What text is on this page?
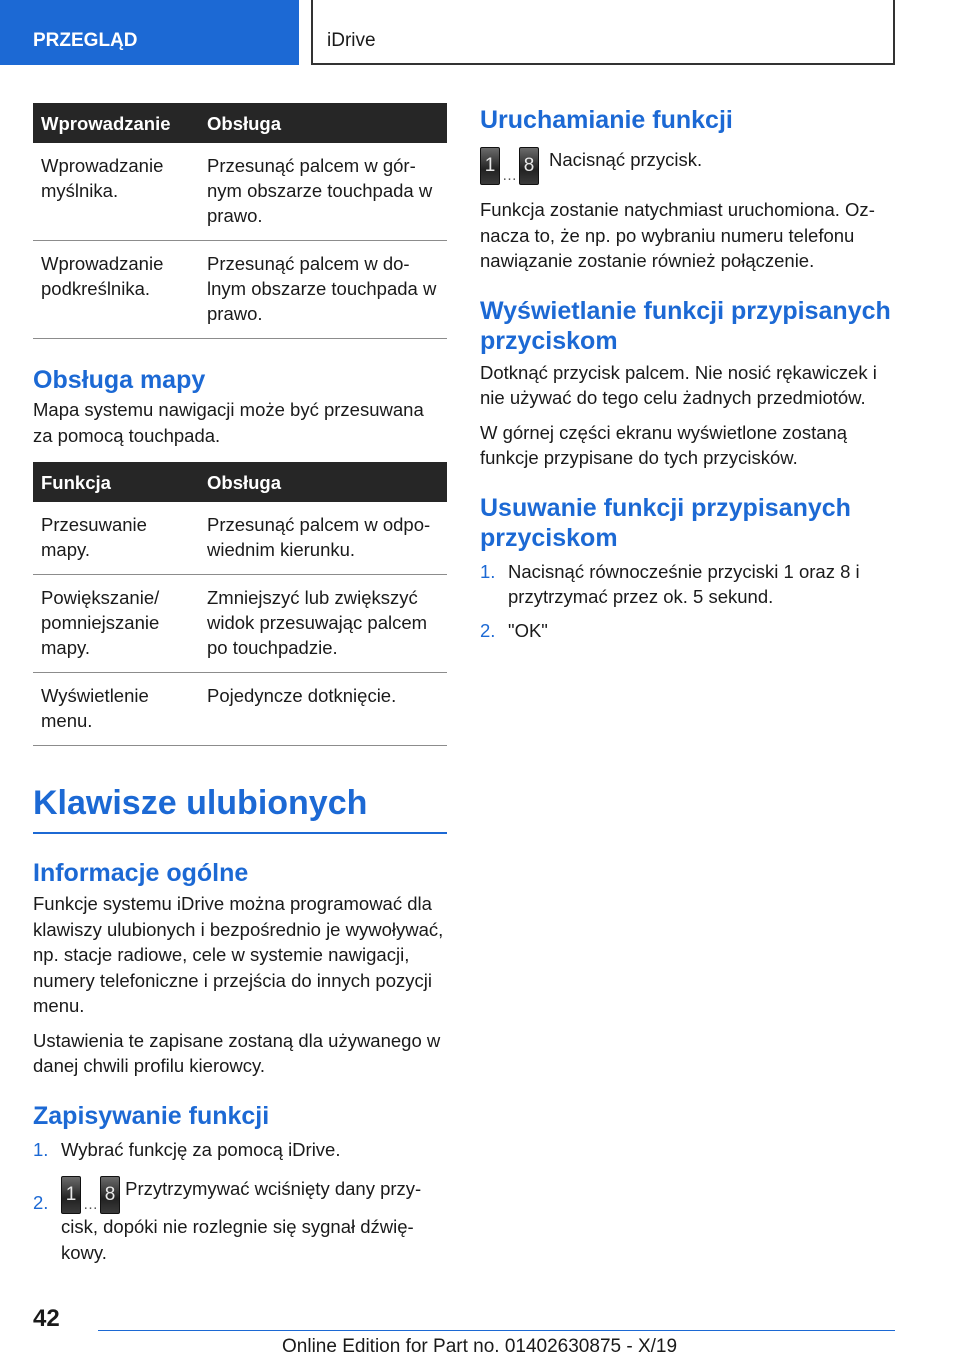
PRZEGLĄD	iDrive
Wprowadzanie	Obsługa
Wprowadzanie myślnika.	Przesunąć palcem w górnym obszarze touchpada w prawo.
Wprowadzanie podkreślnika.	Przesunąć palcem w dolnym obszarze touchpada w prawo.
Obsługa mapy

Mapa systemu nawigacji może być przesuwana za pomocą touchpada.

Funkcja	Obsługa
Przesuwanie mapy.	Przesunąć palcem w odpowiednim kierunku.
Powiększanie/ pomniejszanie mapy.	Zmniejszyć lub zwiększyć widok przesuwając palcem po touchpadzie.
Wyświetlenie menu.	Pojedyncze dotknięcie.
Klawisze ulubionych
Informacje ogólne

Funkcje systemu iDrive można programować dla klawiszy ulubionych i bezpośrednio je wywoływać, np. stacje radiowe, cele w systemie nawigacji, numery telefoniczne i przejścia do innych pozycji menu.

Ustawienia te zapisane zostaną dla używanego w danej chwili profilu kierowcy.

Zapisywanie funkcji
1. Wybrać funkcję za pomocą iDrive.
2. 1 … 8 Przytrzymywać wciśnięty dany przycisk, dopóki nie rozlegnie się sygnał dźwiękowy.
Uruchamianie funkcji
1 … 8 Nacisnąć przycisk.

Funkcja zostanie natychmiast uruchomiona. Oznacza to, że np. po wybraniu numeru telefonu nawiązanie zostanie również połączenie.

Wyświetlanie funkcji przypisanych przyciskom

Dotknąć przycisk palcem. Nie nosić rękawiczek i nie używać do tego celu żadnych przedmiotów.

W górnej części ekranu wyświetlone zostaną funkcje przypisane do tych przycisków.

Usuwanie funkcji przypisanych przyciskom
1. Nacisnąć równocześnie przyciski 1 oraz 8 i przytrzymać przez ok. 5 sekund.
2. "OK"
42
Online Edition for Part no. 01402630875 - X/19
